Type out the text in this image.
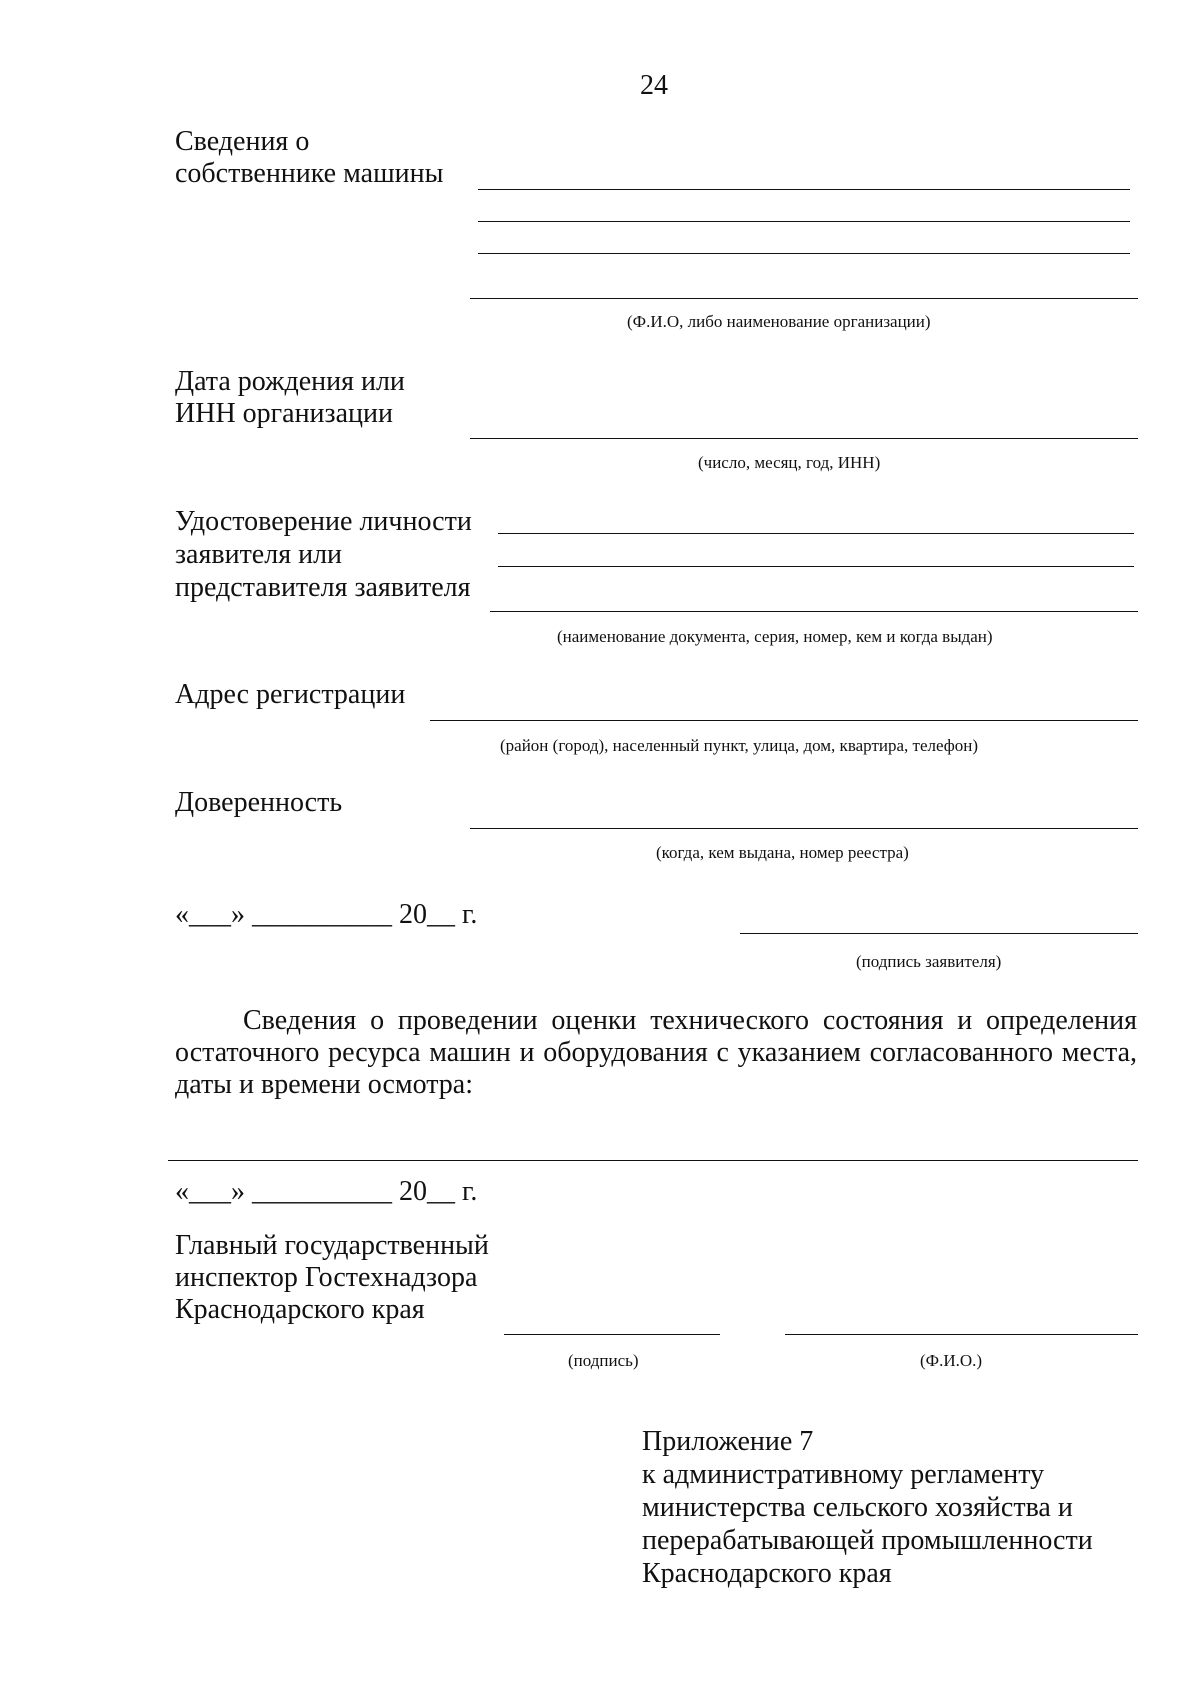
24
Сведения о
собственнике машины
(Ф.И.О, либо наименование организации)
Дата рождения или
ИНН организации
(число, месяц, год, ИНН)
Удостоверение личности
заявителя или
представителя заявителя
(наименование документа, серия, номер, кем и когда выдан)
Адрес регистрации
(район (город), населенный пункт, улица, дом, квартира, телефон)
Доверенность
(когда, кем выдана, номер реестра)
«___» __________ 20__ г.
(подпись заявителя)
Сведения о проведении оценки технического состояния и определения
остаточного ресурса машин и оборудования с указанием согласованного места,
даты и времени осмотра:
«___» __________ 20__ г.
Главный государственный
инспектор Гостехнадзора
Краснодарского края
(подпись)	(Ф.И.О.)
Приложение 7
к административному регламенту
министерства сельского хозяйства и
перерабатывающей промышленности
Краснодарского края
